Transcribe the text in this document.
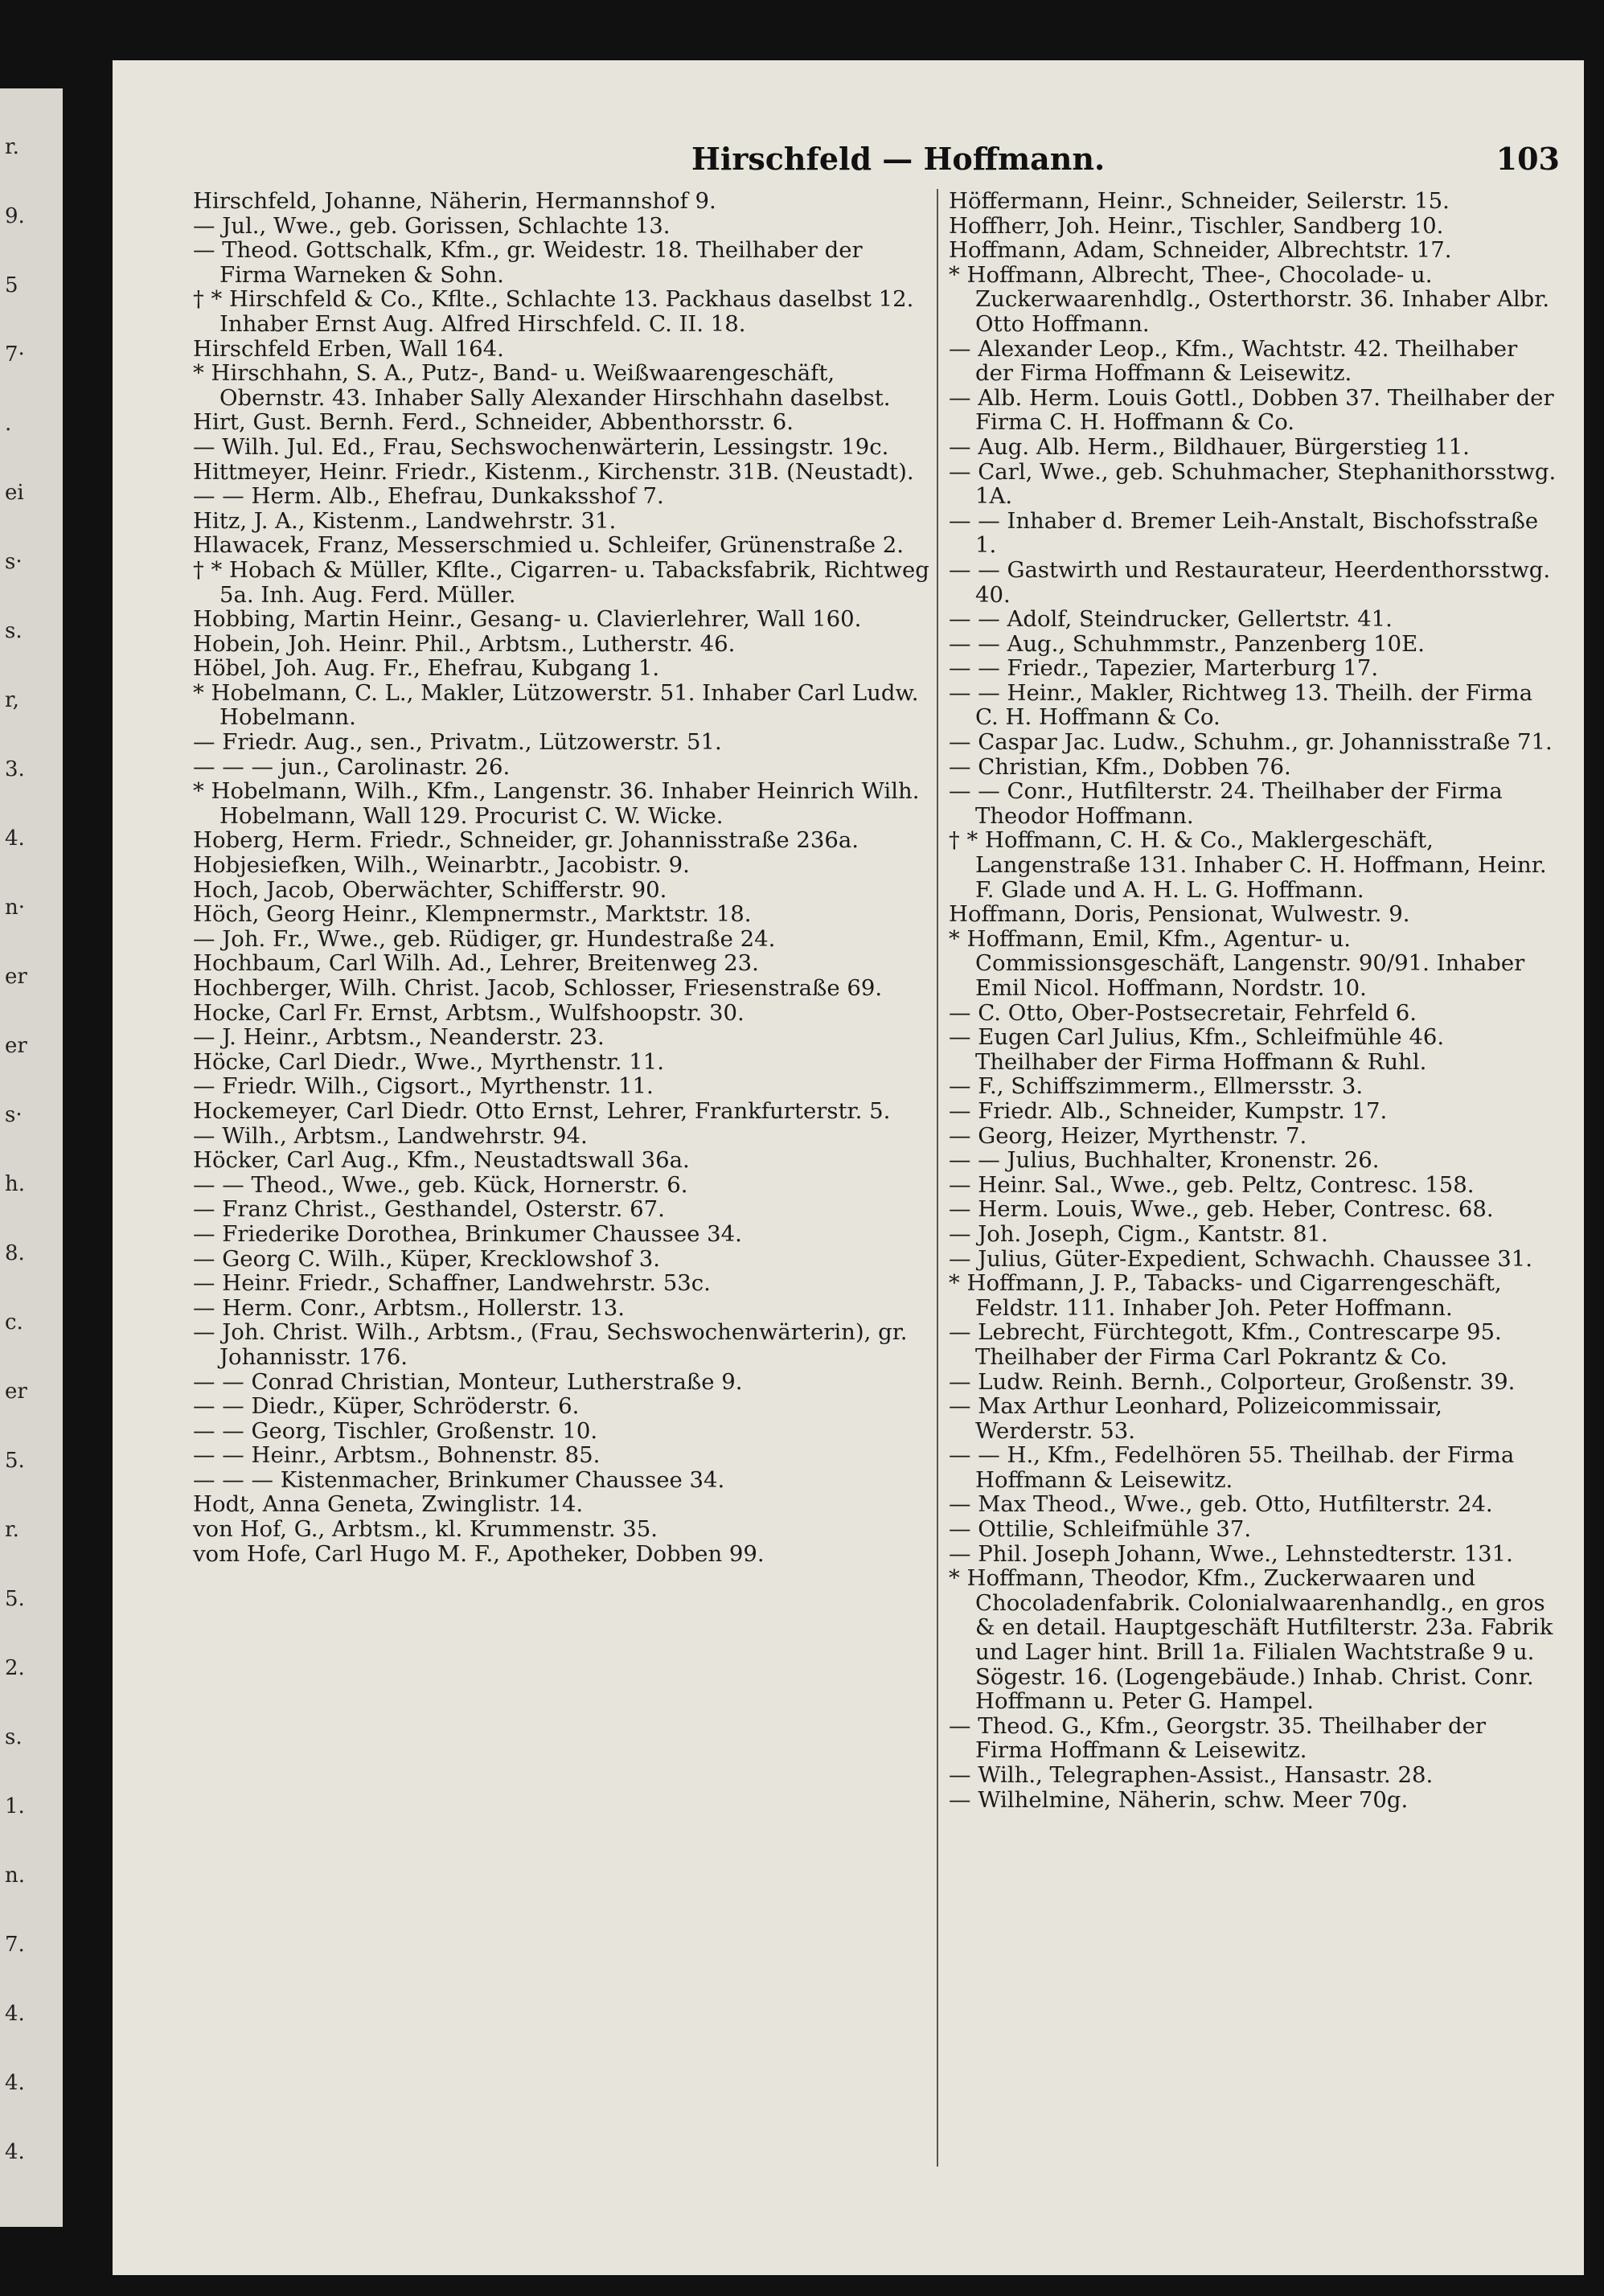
r.
9.
5
7·
.
ei
s·
s.
r,
3.
4.
n·
er
er
s·
h.
8.
c.
er
5.
r.
5.
2.
s.
1.
n.
7.
4.
4.
4.
Hirschfeld — Hoffmann.	103

Hirschfeld, Johanne, Näherin, Hermannshof 9.

— Jul., Wwe., geb. Gorissen, Schlachte 13.

— Theod. Gottschalk, Kfm., gr. Weidestr. 18. Theilhaber der Firma Warneken & Sohn.

† * Hirschfeld & Co., Kflte., Schlachte 13. Packhaus daselbst 12. Inhaber Ernst Aug. Alfred Hirschfeld. C. II. 18.

Hirschfeld Erben, Wall 164.

* Hirschhahn, S. A., Putz-, Band- u. Weißwaarengeschäft, Obernstr. 43. Inhaber Sally Alexander Hirschhahn daselbst.

Hirt, Gust. Bernh. Ferd., Schneider, Abbenthorsstr. 6.

— Wilh. Jul. Ed., Frau, Sechswochenwärterin, Lessingstr. 19c.

Hittmeyer, Heinr. Friedr., Kistenm., Kirchenstr. 31B. (Neustadt).

— — Herm. Alb., Ehefrau, Dunkaksshof 7.

Hitz, J. A., Kistenm., Landwehrstr. 31.

Hlawacek, Franz, Messerschmied u. Schleifer, Grünenstraße 2.

† * Hobach & Müller, Kflte., Cigarren- u. Tabacksfabrik, Richtweg 5a. Inh. Aug. Ferd. Müller.

Hobbing, Martin Heinr., Gesang- u. Clavierlehrer, Wall 160.

Hobein, Joh. Heinr. Phil., Arbtsm., Lutherstr. 46.

Höbel, Joh. Aug. Fr., Ehefrau, Kubgang 1.

* Hobelmann, C. L., Makler, Lützowerstr. 51. Inhaber Carl Ludw. Hobelmann.

— Friedr. Aug., sen., Privatm., Lützowerstr. 51.

— — — jun., Carolinastr. 26.

* Hobelmann, Wilh., Kfm., Langenstr. 36. Inhaber Heinrich Wilh. Hobelmann, Wall 129. Procurist C. W. Wicke.

Hoberg, Herm. Friedr., Schneider, gr. Johannisstraße 236a.

Hobjesiefken, Wilh., Weinarbtr., Jacobistr. 9.

Hoch, Jacob, Oberwächter, Schifferstr. 90.

Höch, Georg Heinr., Klempnermstr., Marktstr. 18.

— Joh. Fr., Wwe., geb. Rüdiger, gr. Hundestraße 24.

Hochbaum, Carl Wilh. Ad., Lehrer, Breitenweg 23.

Hochberger, Wilh. Christ. Jacob, Schlosser, Friesenstraße 69.

Hocke, Carl Fr. Ernst, Arbtsm., Wulfshoopstr. 30.

— J. Heinr., Arbtsm., Neanderstr. 23.

Höcke, Carl Diedr., Wwe., Myrthenstr. 11.

— Friedr. Wilh., Cigsort., Myrthenstr. 11.

Hockemeyer, Carl Diedr. Otto Ernst, Lehrer, Frankfurterstr. 5.

— Wilh., Arbtsm., Landwehrstr. 94.

Höcker, Carl Aug., Kfm., Neustadtswall 36a.

— — Theod., Wwe., geb. Kück, Hornerstr. 6.

— Franz Christ., Gesthandel, Osterstr. 67.

— Friederike Dorothea, Brinkumer Chaussee 34.

— Georg C. Wilh., Küper, Krecklowshof 3.

— Heinr. Friedr., Schaffner, Landwehrstr. 53c.

— Herm. Conr., Arbtsm., Hollerstr. 13.

— Joh. Christ. Wilh., Arbtsm., (Frau, Sechswochenwärterin), gr. Johannisstr. 176.

— — Conrad Christian, Monteur, Lutherstraße 9.

— — Diedr., Küper, Schröderstr. 6.

— — Georg, Tischler, Großenstr. 10.

— — Heinr., Arbtsm., Bohnenstr. 85.

— — — Kistenmacher, Brinkumer Chaussee 34.

Hodt, Anna Geneta, Zwinglistr. 14.

von Hof, G., Arbtsm., kl. Krummenstr. 35.

vom Hofe, Carl Hugo M. F., Apotheker, Dobben 99.

Höffermann, Heinr., Schneider, Seilerstr. 15.

Hoffherr, Joh. Heinr., Tischler, Sandberg 10.

Hoffmann, Adam, Schneider, Albrechtstr. 17.

* Hoffmann, Albrecht, Thee-, Chocolade- u. Zuckerwaarenhdlg., Osterthorstr. 36. Inhaber Albr. Otto Hoffmann.

— Alexander Leop., Kfm., Wachtstr. 42. Theilhaber der Firma Hoffmann & Leisewitz.

— Alb. Herm. Louis Gottl., Dobben 37. Theilhaber der Firma C. H. Hoffmann & Co.

— Aug. Alb. Herm., Bildhauer, Bürgerstieg 11.

— Carl, Wwe., geb. Schuhmacher, Stephanithorsstwg. 1A.

— — Inhaber d. Bremer Leih-Anstalt, Bischofsstraße 1.

— — Gastwirth und Restaurateur, Heerdenthorsstwg. 40.

— — Adolf, Steindrucker, Gellertstr. 41.

— — Aug., Schuhmmstr., Panzenberg 10E.

— — Friedr., Tapezier, Marterburg 17.

— — Heinr., Makler, Richtweg 13. Theilh. der Firma C. H. Hoffmann & Co.

— Caspar Jac. Ludw., Schuhm., gr. Johannisstraße 71.

— Christian, Kfm., Dobben 76.

— — Conr., Hutfilterstr. 24. Theilhaber der Firma Theodor Hoffmann.

† * Hoffmann, C. H. & Co., Maklergeschäft, Langenstraße 131. Inhaber C. H. Hoffmann, Heinr. F. Glade und A. H. L. G. Hoffmann.

Hoffmann, Doris, Pensionat, Wulwestr. 9.

* Hoffmann, Emil, Kfm., Agentur- u. Commissionsgeschäft, Langenstr. 90/91. Inhaber Emil Nicol. Hoffmann, Nordstr. 10.

— C. Otto, Ober-Postsecretair, Fehrfeld 6.

— Eugen Carl Julius, Kfm., Schleifmühle 46. Theilhaber der Firma Hoffmann & Ruhl.

— F., Schiffszimmerm., Ellmersstr. 3.

— Friedr. Alb., Schneider, Kumpstr. 17.

— Georg, Heizer, Myrthenstr. 7.

— — Julius, Buchhalter, Kronenstr. 26.

— Heinr. Sal., Wwe., geb. Peltz, Contresc. 158.

— Herm. Louis, Wwe., geb. Heber, Contresc. 68.

— Joh. Joseph, Cigm., Kantstr. 81.

— Julius, Güter-Expedient, Schwachh. Chaussee 31.

* Hoffmann, J. P., Tabacks- und Cigarrengeschäft, Feldstr. 111. Inhaber Joh. Peter Hoffmann.

— Lebrecht, Fürchtegott, Kfm., Contrescarpe 95. Theilhaber der Firma Carl Pokrantz & Co.

— Ludw. Reinh. Bernh., Colporteur, Großenstr. 39.

— Max Arthur Leonhard, Polizeicommissair, Werderstr. 53.

— — H., Kfm., Fedelhören 55. Theilhab. der Firma Hoffmann & Leisewitz.

— Max Theod., Wwe., geb. Otto, Hutfilterstr. 24.

— Ottilie, Schleifmühle 37.

— Phil. Joseph Johann, Wwe., Lehnstedterstr. 131.

* Hoffmann, Theodor, Kfm., Zuckerwaaren und Chocoladenfabrik. Colonialwaarenhandlg., en gros & en detail. Hauptgeschäft Hutfilterstr. 23a. Fabrik und Lager hint. Brill 1a. Filialen Wachtstraße 9 u. Sögestr. 16. (Logengebäude.) Inhab. Christ. Conr. Hoffmann u. Peter G. Hampel.

— Theod. G., Kfm., Georgstr. 35. Theilhaber der Firma Hoffmann & Leisewitz.

— Wilh., Telegraphen-Assist., Hansastr. 28.

— Wilhelmine, Näherin, schw. Meer 70g.
